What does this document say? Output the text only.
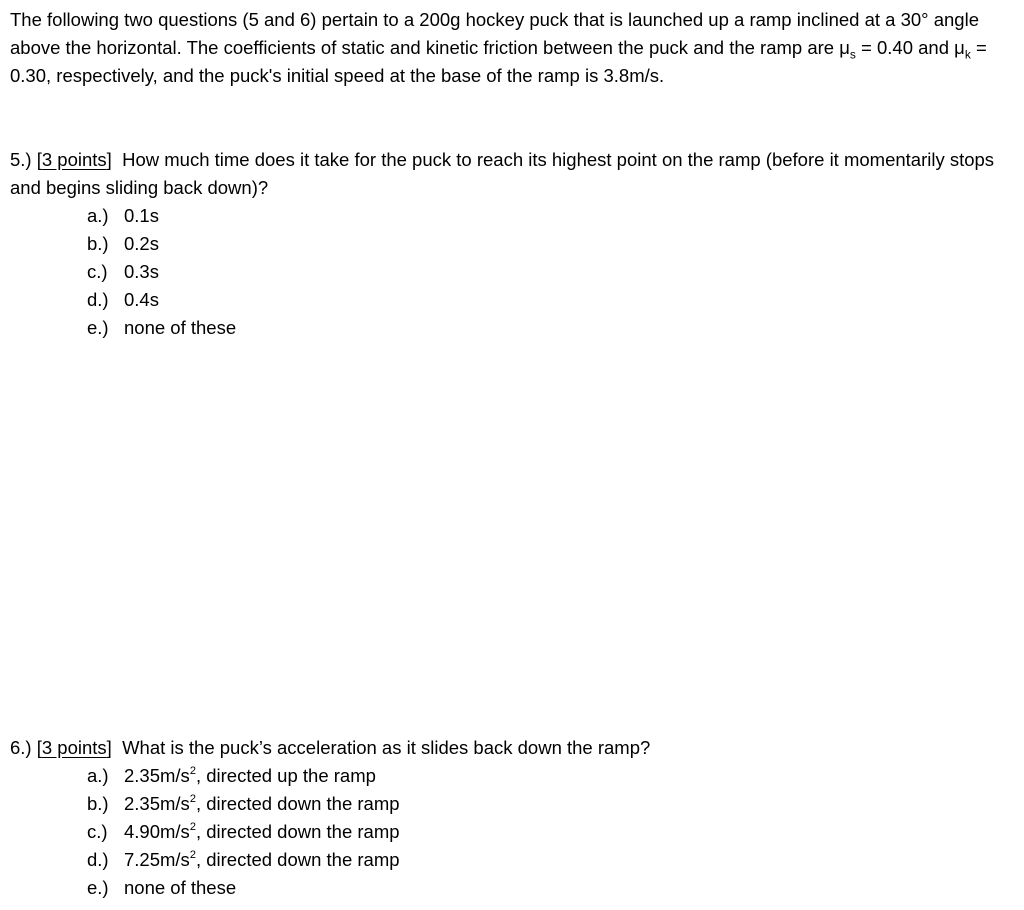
The following two questions (5 and 6) pertain to a 200g hockey puck that is launched up a ramp inclined at a 30° angle above the horizontal. The coefficients of static and kinetic friction between the puck and the ramp are $\mu_s = 0.40$ and $\mu_k = 0.30$, respectively, and the puck's initial speed at the base of the ramp is 3.8m/s.

5.) [3 points]  How much time does it take for the puck to reach its highest point on the ramp (before it momentarily stops and begins sliding back down)?

a.) 0.1s
b.) 0.2s
c.) 0.3s
d.) 0.4s
e.) none of these

6.) [3 points]  What is the puck’s acceleration as it slides back down the ramp?

a.) $2.35m/s^2$, directed up the ramp
b.) $2.35m/s^2$, directed down the ramp
c.) $4.90m/s^2$, directed down the ramp
d.) $7.25m/s^2$, directed down the ramp
e.) none of these
